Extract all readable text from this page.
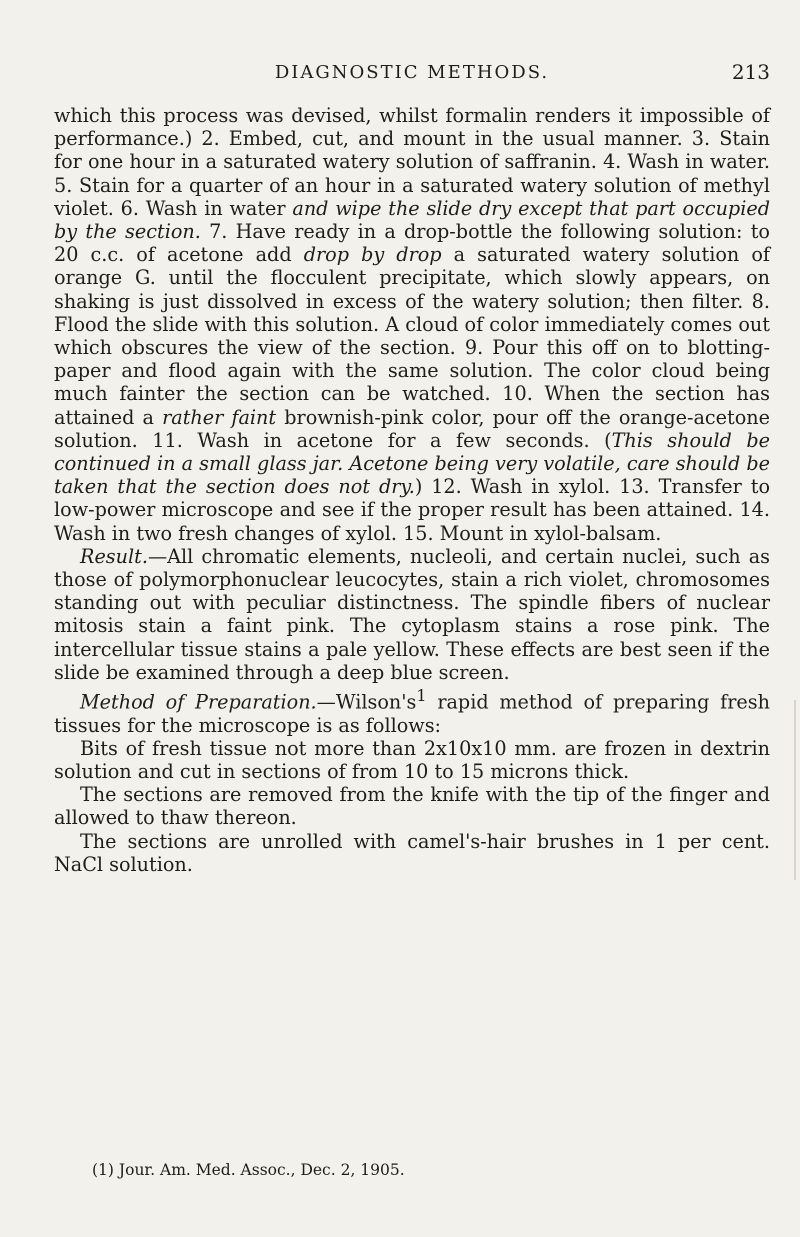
DIAGNOSTIC METHODS.	213

which this process was devised, whilst formalin renders it impossible of performance.) 2. Embed, cut, and mount in the usual manner. 3. Stain for one hour in a saturated watery solution of saffranin. 4. Wash in water. 5. Stain for a quarter of an hour in a saturated watery solution of methyl violet. 6. Wash in water and wipe the slide dry except that part occupied by the section. 7. Have ready in a drop-bottle the following solution: to 20 c.c. of acetone add drop by drop a saturated watery solution of orange G. until the flocculent precipitate, which slowly appears, on shaking is just dissolved in excess of the watery solution; then filter. 8. Flood the slide with this solution. A cloud of color immediately comes out which obscures the view of the section. 9. Pour this off on to blotting-paper and flood again with the same solution. The color cloud being much fainter the section can be watched. 10. When the section has attained a rather faint brownish-pink color, pour off the orange-acetone solution. 11. Wash in acetone for a few seconds. (This should be continued in a small glass jar. Acetone being very volatile, care should be taken that the section does not dry.) 12. Wash in xylol. 13. Transfer to low-power microscope and see if the proper result has been attained. 14. Wash in two fresh changes of xylol. 15. Mount in xylol-balsam.

Result.—All chromatic elements, nucleoli, and certain nuclei, such as those of polymorphonuclear leucocytes, stain a rich violet, chromosomes standing out with peculiar distinctness. The spindle fibers of nuclear mitosis stain a faint pink. The cytoplasm stains a rose pink. The intercellular tissue stains a pale yellow. These effects are best seen if the slide be examined through a deep blue screen.

Method of $Preparation.—Wilson's^1$ rapid method of preparing fresh tissues for the microscope is as follows:

Bits of fresh tissue not more than 2x10x10 mm. are frozen in dextrin solution and cut in sections of from 10 to 15 microns thick.

The sections are removed from the knife with the tip of the finger and allowed to thaw thereon.

The sections are unrolled with camel's-hair brushes in 1 per cent. NaCl solution.

(1) Jour. Am. Med. Assoc., Dec. 2, 1905.
